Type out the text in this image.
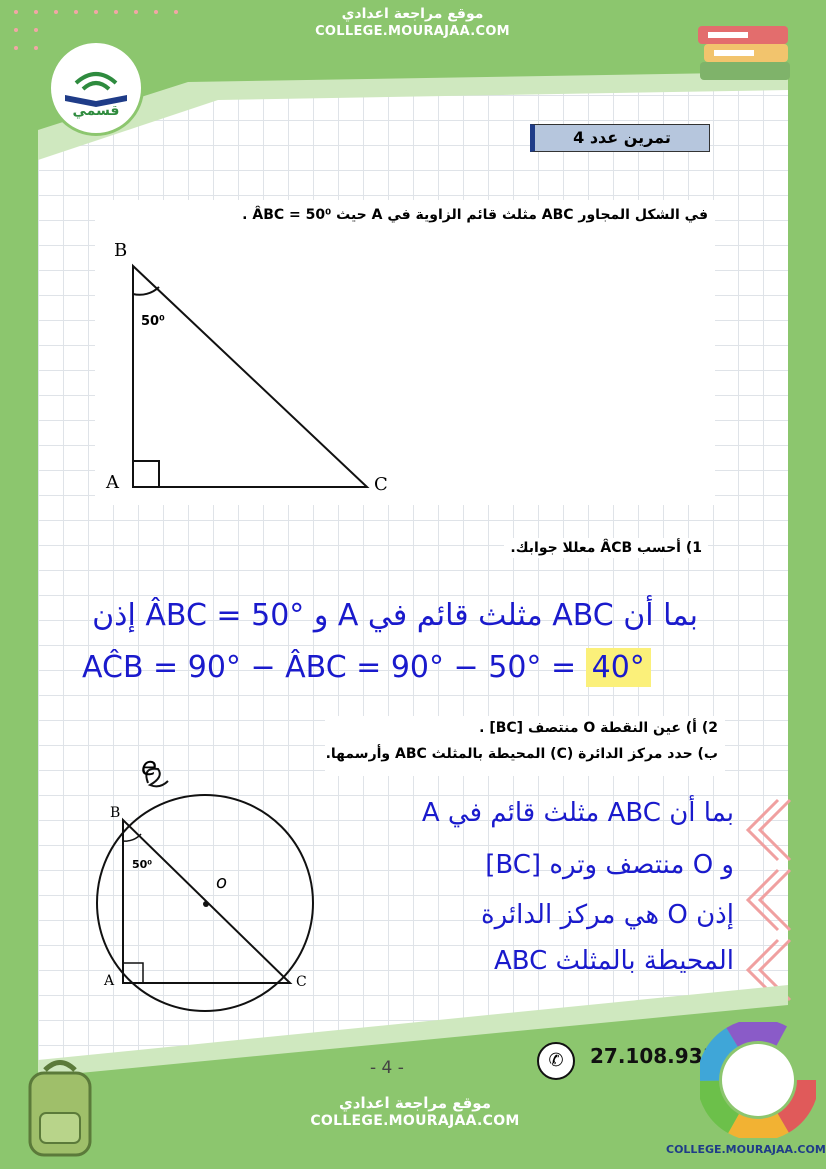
موقع مراجعة اعدادي
COLLEGE.MOURAJAA.COM
قسمي
تمرين عدد 4
في الشكل المجاور ABC مثلث قائم الزاوية في A حيث ÂBC = 50⁰ .
B
A	C
50⁰
1) أحسب ÂCB معللا جوابك.
بما أن ABC مثلث قائم في A و ÂBC = 50° إذن
AĈB = 90° − ÂBC = 90° − 50° = 40°
2) أ) عين النقطة O منتصف [BC] .
ب) حدد مركز الدائرة (C) المحيطة بالمثلث ABC وأرسمها.
B
A	C
50⁰
o
e
بما أن ABC مثلث قائم في A
و O منتصف وتره [BC]
إذن O هي مركز الدائرة
المحيطة بالمثلث ABC
- 4 -	✆	27.108.931
موقع مراجعة اعدادي
COLLEGE.MOURAJAA.COM
COLLEGE.MOURAJAA.COM
